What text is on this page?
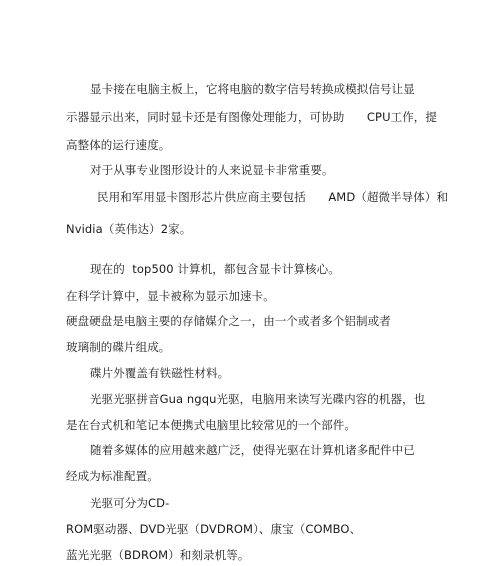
显卡接在电脑主板上，它将电脑的数字信号转换成模拟信号让显
示器显示出来，同时显卡还是有图像处理能力，可协助      CPU工作，提
高整体的运行速度。
对于从事专业图形设计的人来说显卡非常重要。
民用和军用显卡图形芯片供应商主要包括      AMD（超微半导体）和
Nvidia（英伟达）2家。
现在的  top500 计算机，都包含显卡计算核心。
在科学计算中，显卡被称为显示加速卡。
硬盘硬盘是电脑主要的存储媒介之一，由一个或者多个铝制或者
玻璃制的碟片组成。
碟片外覆盖有铁磁性材料。
光驱光驱拼音Gua ngqu光驱，电脑用来读写光碟内容的机器，也
是在台式机和笔记本便携式电脑里比较常见的一个部件。
随着多媒体的应用越来越广泛，使得光驱在计算机诸多配件中已
经成为标准配置。
光驱可分为CD-
ROM驱动器、DVD光驱（DVDROM）、康宝（COMBO、
蓝光光驱（BDROM）和刻录机等。
